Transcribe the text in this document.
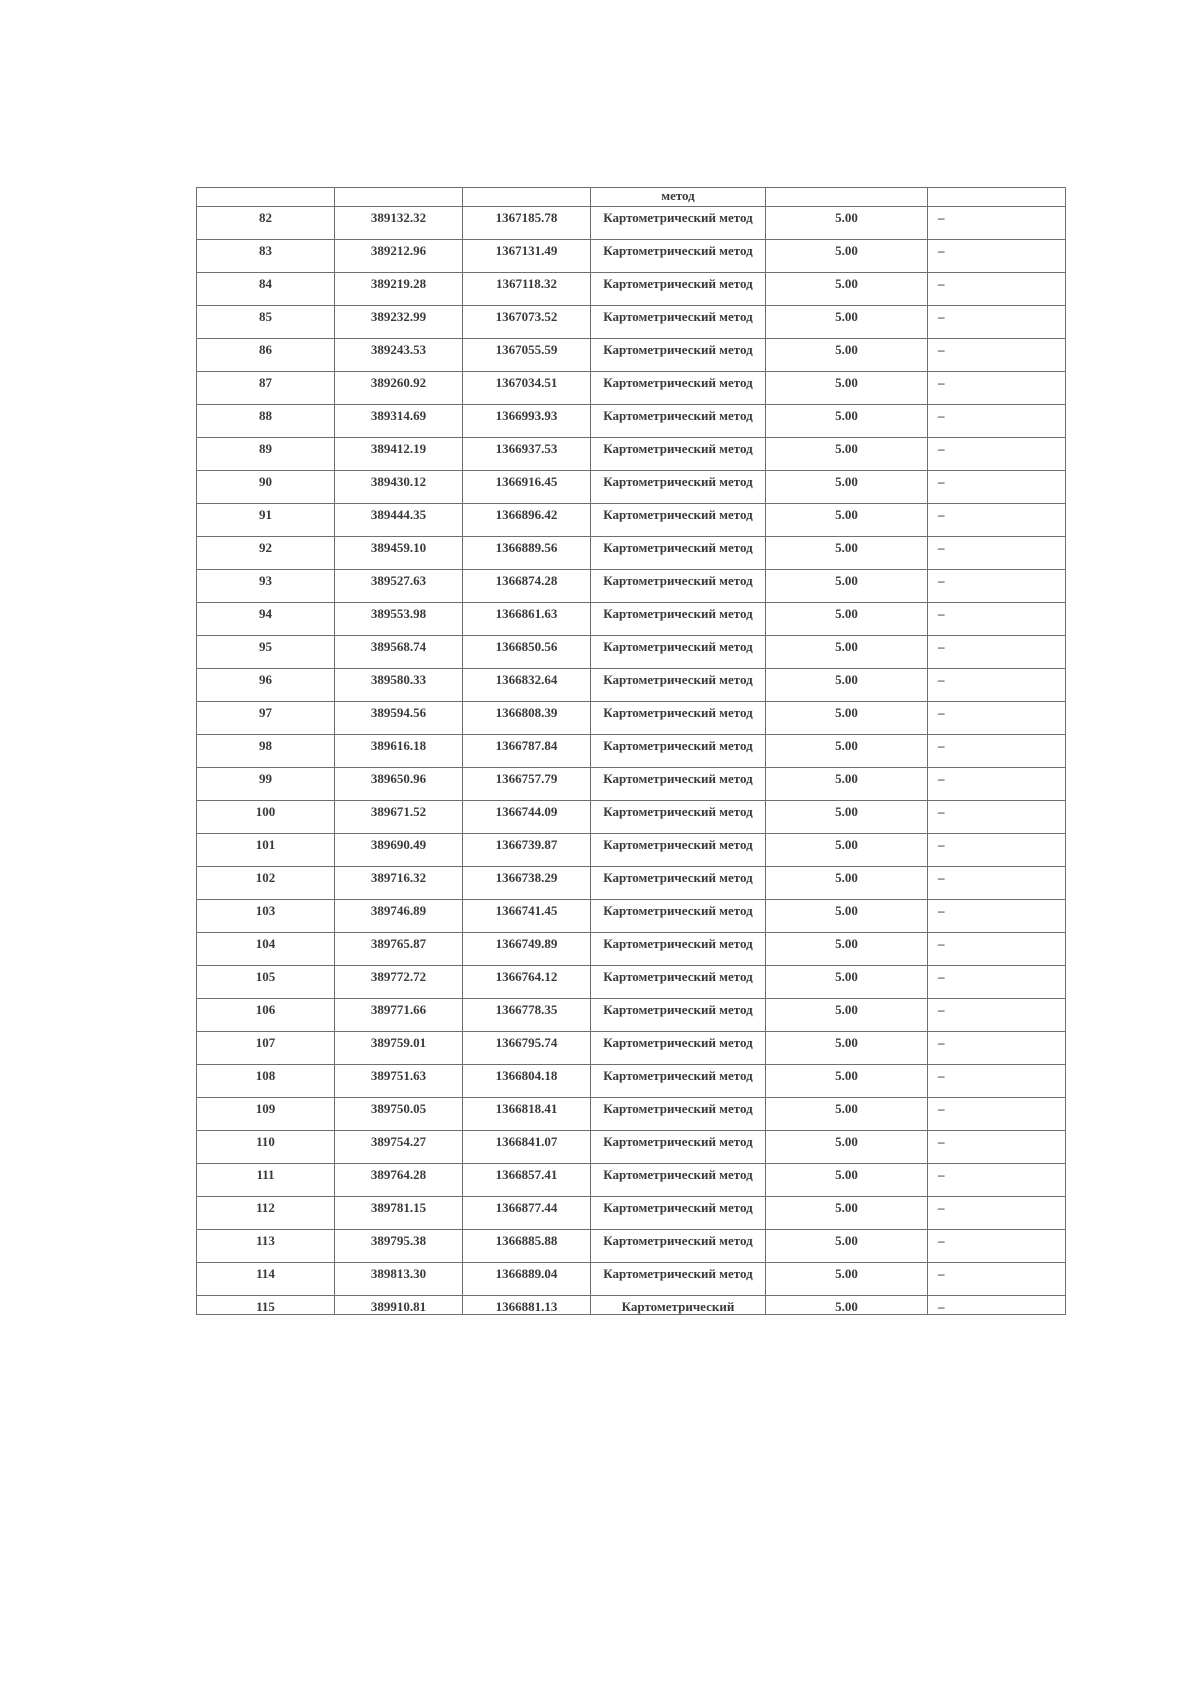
			метод		

82	389132.32	1367185.78	Картометрический метод	5.00	–

83	389212.96	1367131.49	Картометрический метод	5.00	–

84	389219.28	1367118.32	Картометрический метод	5.00	–

85	389232.99	1367073.52	Картометрический метод	5.00	–

86	389243.53	1367055.59	Картометрический метод	5.00	–

87	389260.92	1367034.51	Картометрический метод	5.00	–

88	389314.69	1366993.93	Картометрический метод	5.00	–

89	389412.19	1366937.53	Картометрический метод	5.00	–

90	389430.12	1366916.45	Картометрический метод	5.00	–

91	389444.35	1366896.42	Картометрический метод	5.00	–

92	389459.10	1366889.56	Картометрический метод	5.00	–

93	389527.63	1366874.28	Картометрический метод	5.00	–

94	389553.98	1366861.63	Картометрический метод	5.00	–

95	389568.74	1366850.56	Картометрический метод	5.00	–

96	389580.33	1366832.64	Картометрический метод	5.00	–

97	389594.56	1366808.39	Картометрический метод	5.00	–

98	389616.18	1366787.84	Картометрический метод	5.00	–

99	389650.96	1366757.79	Картометрический метод	5.00	–

100	389671.52	1366744.09	Картометрический метод	5.00	–

101	389690.49	1366739.87	Картометрический метод	5.00	–

102	389716.32	1366738.29	Картометрический метод	5.00	–

103	389746.89	1366741.45	Картометрический метод	5.00	–

104	389765.87	1366749.89	Картометрический метод	5.00	–

105	389772.72	1366764.12	Картометрический метод	5.00	–

106	389771.66	1366778.35	Картометрический метод	5.00	–

107	389759.01	1366795.74	Картометрический метод	5.00	–

108	389751.63	1366804.18	Картометрический метод	5.00	–

109	389750.05	1366818.41	Картометрический метод	5.00	–

110	389754.27	1366841.07	Картометрический метод	5.00	–

111	389764.28	1366857.41	Картометрический метод	5.00	–

112	389781.15	1366877.44	Картометрический метод	5.00	–

113	389795.38	1366885.88	Картометрический метод	5.00	–

114	389813.30	1366889.04	Картометрический метод	5.00	–

115	389910.81	1366881.13	Картометрический	5.00	–
